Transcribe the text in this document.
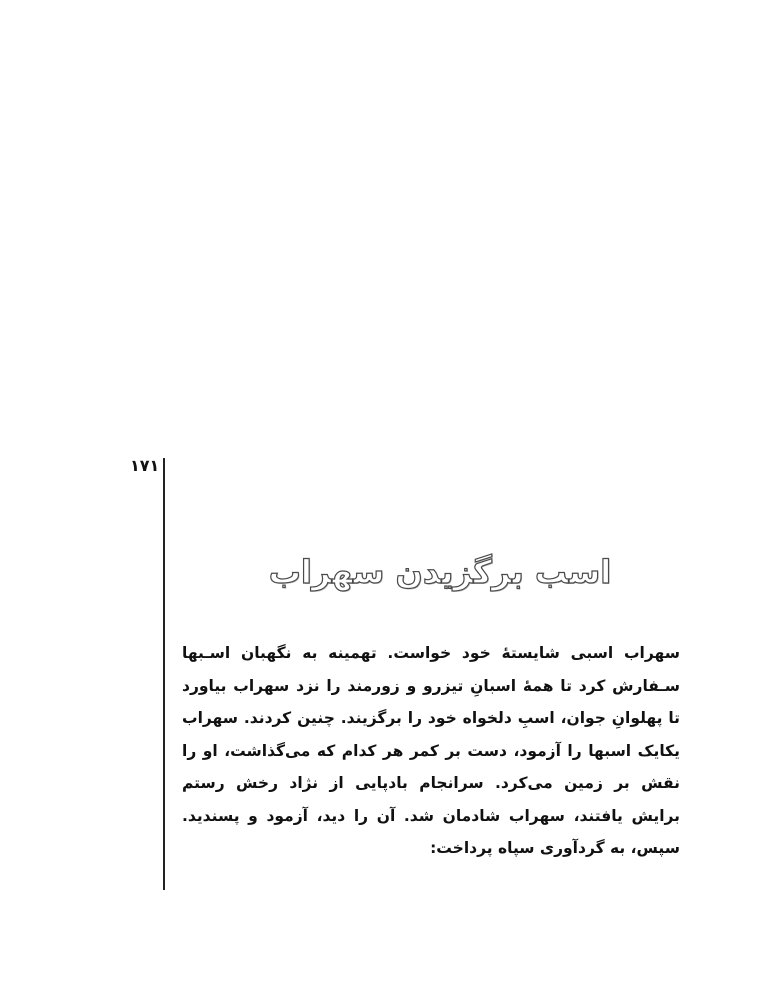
۱۷۱
اسب برگزیدن سهراب

سهراب اسبی شایستهٔ خود خواست. تهمینه به نگهبان اسـبها سـفارش کرد تا همهٔ اسبانِ تیزرو و زورمند را نزد سهراب بیاورد تا پهلوانِ جوان، اسبِ دلخواه خود را برگزیند. چنین کردند. سهراب یکایک اسبها را آزمود، دست بر کمر هر کدام که می‌گذاشت، او را نقش بر زمین می‌کرد. سرانجام بادپایی از نژاد رخش رستم برایش یافتند، سهراب شادمان شد. آن را دید، آزمود و پسندید. سپس، به گردآوری سپاه پرداخت:
